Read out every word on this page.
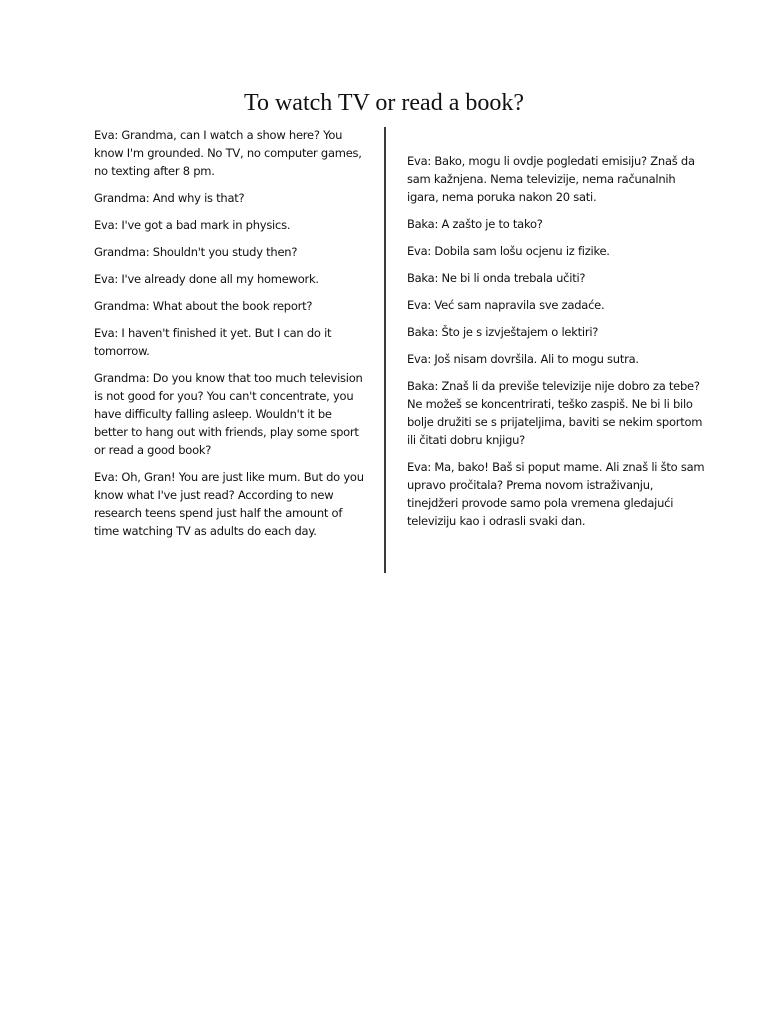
To watch TV or read a book?

Eva: Grandma, can I watch a show here? You know I'm grounded. No TV, no computer games, no texting after 8 pm.

Grandma: And why is that?

Eva: I've got a bad mark in physics.

Grandma: Shouldn't you study then?

Eva: I've already done all my homework.

Grandma: What about the book report?

Eva: I haven't finished it yet. But I can do it tomorrow.

Grandma: Do you know that too much television is not good for you? You can't concentrate, you have difficulty falling asleep. Wouldn't it be better to hang out with friends, play some sport or read a good book?

Eva: Oh, Gran! You are just like mum. But do you know what I've just read? According to new research teens spend just half the amount of time watching TV as adults do each day.

Eva: Bako, mogu li ovdje pogledati emisiju? Znaš da sam kažnjena. Nema televizije, nema računalnih igara, nema poruka nakon 20 sati.

Baka: A zašto je to tako?

Eva: Dobila sam lošu ocjenu iz fizike.

Baka: Ne bi li onda trebala učiti?

Eva: Već sam napravila sve zadaće.

Baka: Što je s izvještajem o lektiri?

Eva: Još nisam dovršila. Ali to mogu sutra.

Baka: Znaš li da previše televizije nije dobro za tebe? Ne možeš se koncentrirati, teško zaspiš. Ne bi li bilo bolje družiti se s prijateljima, baviti se nekim sportom ili čitati dobru knjigu?

Eva: Ma, bako! Baš si poput mame. Ali znaš li što sam upravo pročitala? Prema novom istraživanju, tinejdžeri provode samo pola vremena gledajući televiziju kao i odrasli svaki dan.
